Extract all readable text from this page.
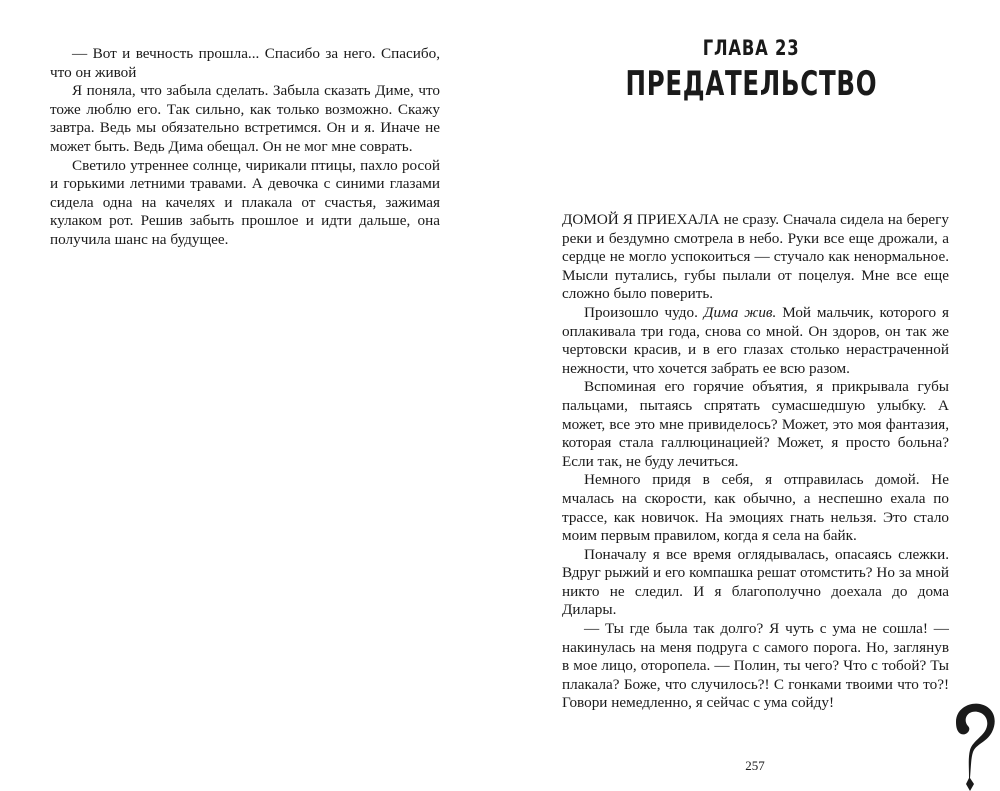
— Вот и вечность прошла... Спасибо за него. Спасибо, что он живой

Я поняла, что забыла сделать. Забыла сказать Диме, что тоже люблю его. Так сильно, как только возможно. Скажу завтра. Ведь мы обязательно встретимся. Он и я. Иначе не может быть. Ведь Дима обещал. Он не мог мне соврать.

Светило утреннее солнце, чирикали птицы, пахло росой и горькими летними травами. А девочка с синими глазами сидела одна на качелях и плакала от счастья, зажимая кулаком рот. Решив забыть прошлое и идти дальше, она получила шанс на будущее.

ГЛАВА 23
ПРЕДАТЕЛЬСТВО

ДОМОЙ Я ПРИЕХАЛА не сразу. Сначала сидела на берегу реки и бездумно смотрела в небо. Руки все еще дрожали, а сердце не могло успокоиться — стучало как ненормальное. Мысли путались, губы пылали от поцелуя. Мне все еще сложно было поверить.

Произошло чудо. Дима жив. Мой мальчик, которого я оплакивала три года, снова со мной. Он здоров, он так же чертовски красив, и в его глазах столько нерастраченной нежности, что хочется забрать ее всю разом.

Вспоминая его горячие объятия, я прикрывала губы пальцами, пытаясь спрятать сумасшедшую улыбку. А может, все это мне привиделось? Может, это моя фантазия, которая стала галлюцинацией? Может, я просто больна? Если так, не буду лечиться.

Немного придя в себя, я отправилась домой. Не мчалась на скорости, как обычно, а неспешно ехала по трассе, как новичок. На эмоциях гнать нельзя. Это стало моим первым правилом, когда я села на байк.

Поначалу я все время оглядывалась, опасаясь слежки. Вдруг рыжий и его компашка решат отомстить? Но за мной никто не следил. И я благополучно доехала до дома Дилары.

— Ты где была так долго? Я чуть с ума не сошла! — накинулась на меня подруга с самого порога. Но, заглянув в мое лицо, оторопела. — Полин, ты чего? Что с тобой? Ты плакала? Боже, что случилось?! С гонками твоими что то?! Говори немедленно, я сейчас с ума сойду!

257
